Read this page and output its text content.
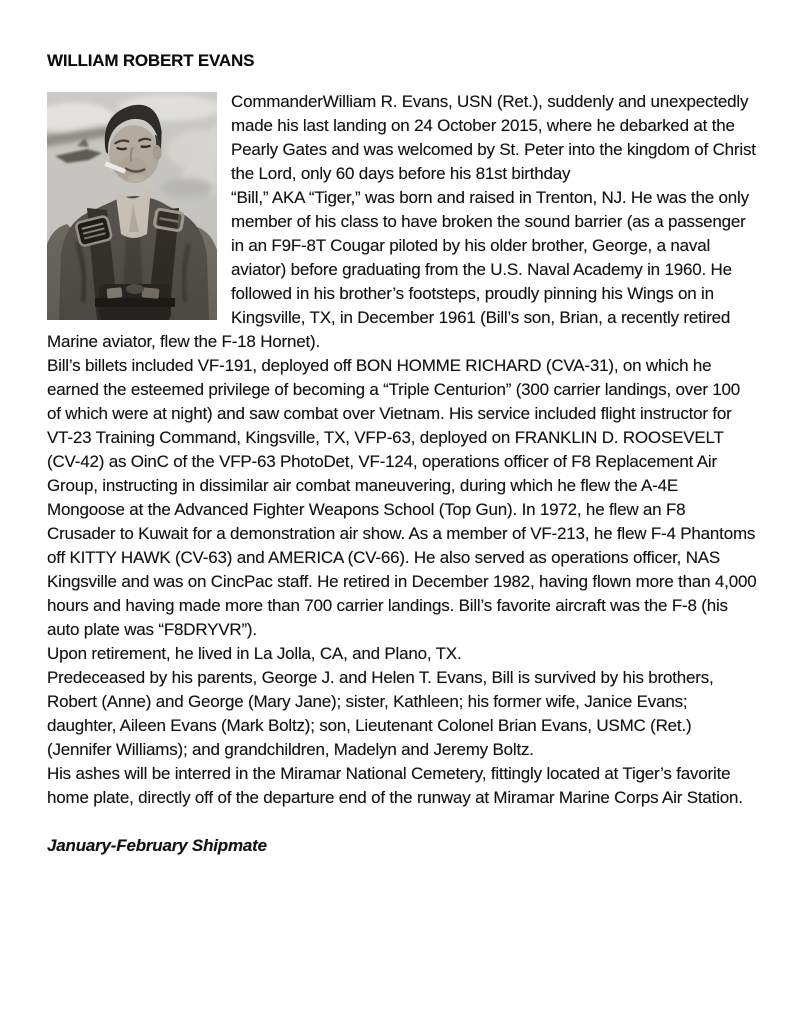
WILLIAM ROBERT EVANS

CommanderWilliam R. Evans, USN (Ret.), suddenly and unexpectedly made his last landing on 24 October 2015, where he debarked at the Pearly Gates and was welcomed by St. Peter into the kingdom of Christ the Lord, only 60 days before his 81st birthday

“Bill,” AKA “Tiger,” was born and raised in Trenton, NJ. He was the only member of his class to have broken the sound barrier (as a passenger in an F9F-8T Cougar piloted by his older brother, George, a naval aviator) before graduating from the U.S. Naval Academy in 1960. He followed in his brother’s footsteps, proudly pinning his Wings on in Kingsville, TX, in December 1961 (Bill’s son, Brian, a recently retired Marine aviator, flew the F-18 Hornet).

Bill’s billets included VF-191, deployed off BON HOMME RICHARD (CVA-31), on which he earned the esteemed privilege of becoming a “Triple Centurion” (300 carrier landings, over 100 of which were at night) and saw combat over Vietnam. His service included flight instructor for VT-23 Training Command, Kingsville, TX, VFP-63, deployed on FRANKLIN D. ROOSEVELT (CV-42) as OinC of the VFP-63 PhotoDet, VF-124, operations officer of F8 Replacement Air Group, instructing in dissimilar air combat maneuvering, during which he flew the A-4E Mongoose at the Advanced Fighter Weapons School (Top Gun). In 1972, he flew an F8 Crusader to Kuwait for a demonstration air show. As a member of VF-213, he flew F-4 Phantoms off KITTY HAWK (CV-63) and AMERICA (CV-66). He also served as operations officer, NAS Kingsville and was on CincPac staff. He retired in December 1982, having flown more than 4,000 hours and having made more than 700 carrier landings. Bill’s favorite aircraft was the F-8 (his auto plate was “F8DRYVR”).

Upon retirement, he lived in La Jolla, CA, and Plano, TX.

Predeceased by his parents, George J. and Helen T. Evans, Bill is survived by his brothers, Robert (Anne) and George (Mary Jane); sister, Kathleen; his former wife, Janice Evans; daughter, Aileen Evans (Mark Boltz); son, Lieutenant Colonel Brian Evans, USMC (Ret.) (Jennifer Williams); and grandchildren, Madelyn and Jeremy Boltz.

His ashes will be interred in the Miramar National Cemetery, fittingly located at Tiger’s favorite home plate, directly off of the departure end of the runway at Miramar Marine Corps Air Station.

January-February Shipmate
